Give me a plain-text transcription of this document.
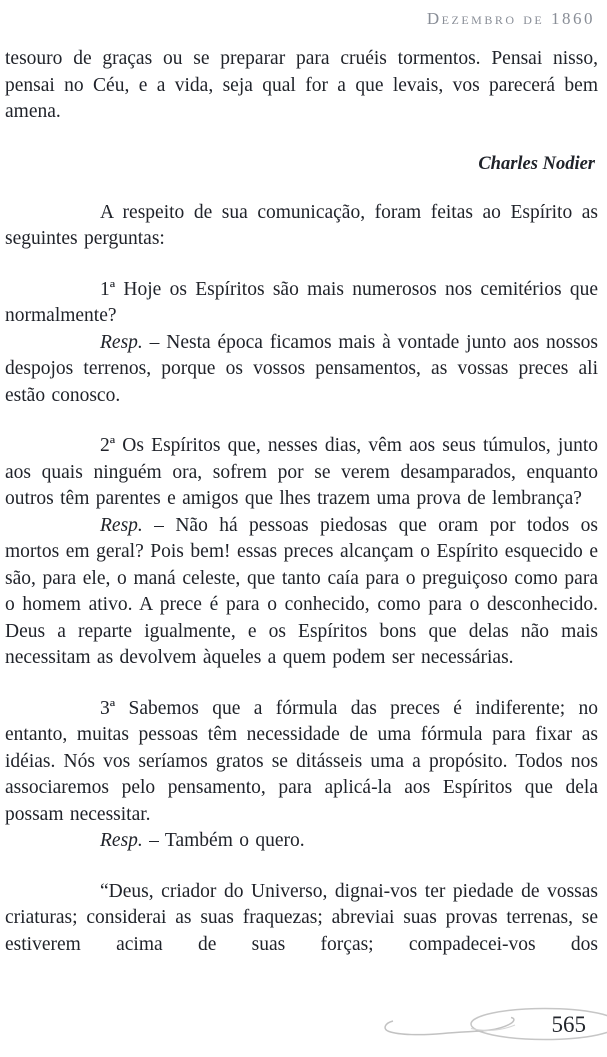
Dezembro de 1860

tesouro de graças ou se preparar para cruéis tormentos. Pensai nisso, pensai no Céu, e a vida, seja qual for a que levais, vos parecerá bem amena.

Charles Nodier

A respeito de sua comunicação, foram feitas ao Espírito as seguintes perguntas:

1ª Hoje os Espíritos são mais numerosos nos cemitérios que normalmente?

Resp. – Nesta época ficamos mais à vontade junto aos nossos despojos terrenos, porque os vossos pensamentos, as vossas preces ali estão conosco.

2ª Os Espíritos que, nesses dias, vêm aos seus túmulos, junto aos quais ninguém ora, sofrem por se verem desamparados, enquanto outros têm parentes e amigos que lhes trazem uma prova de lembrança?

Resp. – Não há pessoas piedosas que oram por todos os mortos em geral? Pois bem! essas preces alcançam o Espírito esquecido e são, para ele, o maná celeste, que tanto caía para o preguiçoso como para o homem ativo. A prece é para o conhecido, como para o desconhecido. Deus a reparte igualmente, e os Espíritos bons que delas não mais necessitam as devolvem àqueles a quem podem ser necessárias.

3ª Sabemos que a fórmula das preces é indiferente; no entanto, muitas pessoas têm necessidade de uma fórmula para fixar as idéias. Nós vos seríamos gratos se ditásseis uma a propósito. Todos nos associaremos pelo pensamento, para aplicá-la aos Espíritos que dela possam necessitar.

Resp. – Também o quero.

“Deus, criador do Universo, dignai-vos ter piedade de vossas criaturas; considerai as suas fraquezas; abreviai suas provas terrenas, se estiverem acima de suas forças; compadecei-vos dos

565
